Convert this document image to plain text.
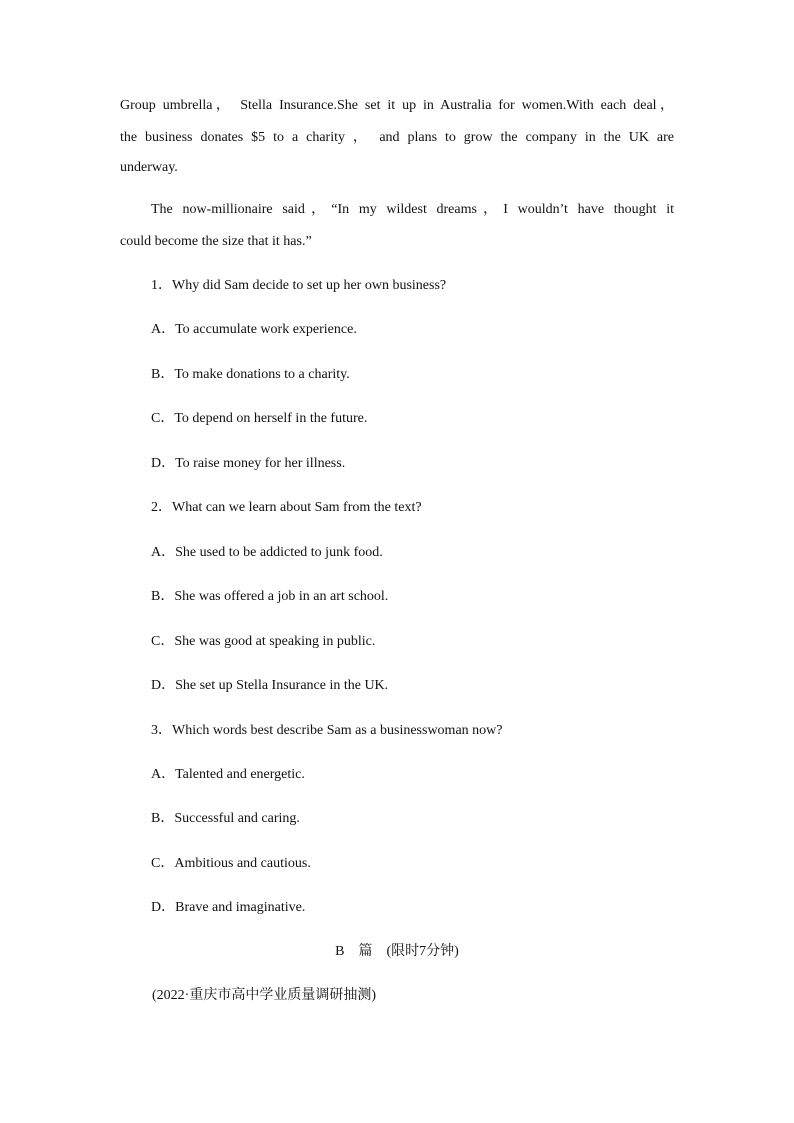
Group umbrella， Stella Insurance.She set it up in Australia for women.With each deal，
the business donates $5 to a charity ， and plans to grow the company in the UK are
underway.
The now-millionaire said，“In my wildest dreams，I wouldn’t have thought it
could become the size that it has.”
1．Why did Sam decide to set up her own business?
A．To accumulate work experience.
B．To make donations to a charity.
C．To depend on herself in the future.
D．To raise money for her illness.
2．What can we learn about Sam from the text?
A．She used to be addicted to junk food.
B．She was offered a job in an art school.
C．She was good at speaking in public.
D．She set up Stella Insurance in the UK.
3．Which words best describe Sam as a businesswoman now?
A．Talented and energetic.
B．Successful and caring.
C．Ambitious and cautious.
D．Brave and imaginative.
B    篇    (限时7分钟)
(2022·重庆市高中学业质量调研抽测)
